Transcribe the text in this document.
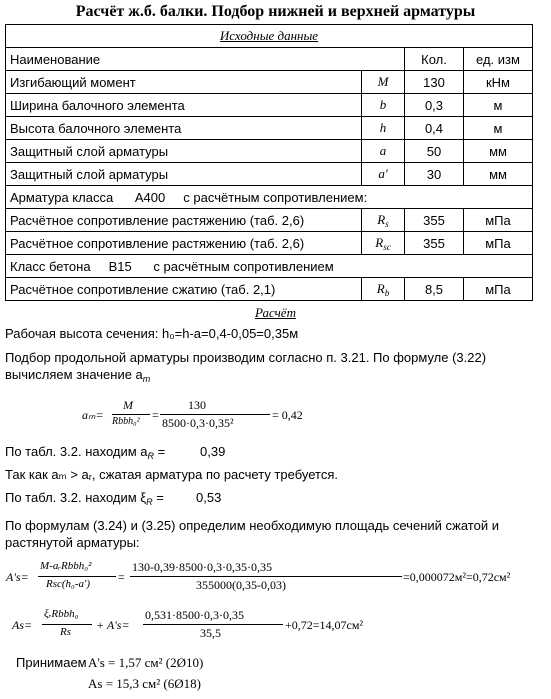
Расчёт ж.б. балки. Подбор нижней и верхней арматуры
Исходные данные			
Наименование		Кол.	ед. изм
Изгибающий момент	M	130	кНм
Ширина балочного элемента	b	0,3	м
Высота балочного элемента	h	0,4	м
Защитный слой арматуры	a	50	мм
Защитный слой арматуры	a'	30	мм
Арматура класса      А400     с расчётным сопротивлением:			
Расчётное сопротивление растяжению (таб. 2,6)	$R_s$	355	мПа
Расчётное сопротивление растяжению (таб. 2,6)	$R_{sc}$	355	мПа
Класс бетона     В15      с расчётным сопротивлением			
Расчётное сопротивление сжатию (таб. 2,1)	$R_b$	8,5	мПа
Расчёт
Рабочая высота сечения: h₀=h-a=0,4-0,05=0,35м
Подбор продольной арматуры производим согласно п. 3.21. По формуле (3.22)
вычисляем значение $a_m$
aₘ=
M
Rbbh₀² =
130
8500·0,3·0,35²
= 0,42
По табл. 3.2. находим $a_R$ =	0,39
Так как aₘ > aᵣ, сжатая арматура по расчету требуется.
По табл. 3.2. находим $\xi_R = 0,53$
По формулам (3.24) и (3.25) определим необходимую площадь сечений сжатой и
растянутой арматуры:
A's=
M-aᵣRbbh₀²
Rsc(h₀-a') =
130-0,39·8500·0,3·0,35·0,35
355000(0,35-0,03)
=0,000072м²=0,72см²
As=
ξᵣRbbh₀
Rs + A's=
0,531·8500·0,3·0,35
35,5
+0,72=14,07см²
Принимаем A's = 1,57 см² (2Ø10)
As = 15,3 см² (6Ø18)
